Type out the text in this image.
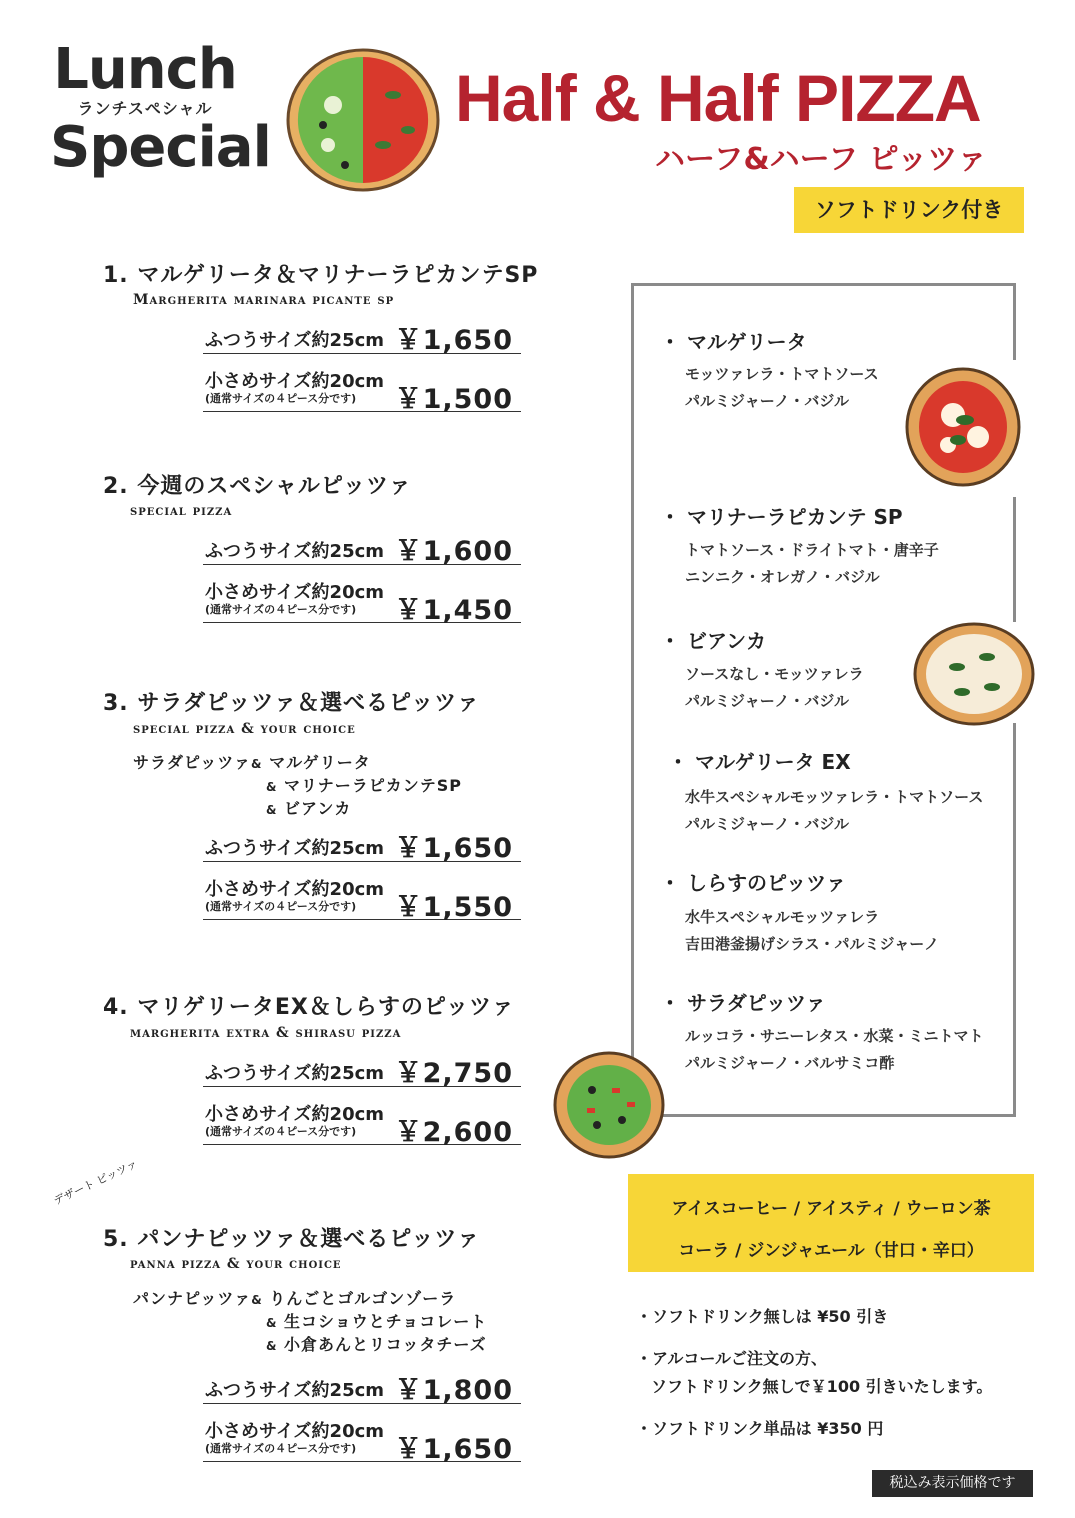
Lunch
ランチスペシャル
Special
Half & Half PIZZA
ハーフ&ハーフ ピッツァ
ソフトドリンク付き
1. マルゲリータ＆マリナーラピカンテSP
Margherita marinara picante sp
ふつうサイズ約25cm ￥1,650
小さめサイズ約20cm
(通常サイズの４ピース分です) ￥1,500
2. 今週のスペシャルピッツァ
special pizza
ふつうサイズ約25cm ￥1,600
小さめサイズ約20cm
(通常サイズの４ピース分です) ￥1,450
3. サラダピッツァ＆選べるピッツァ
special pizza & your choice
サラダピッツァ& マルゲリータ
& マリナーラピカンテSP
& ビアンカ
ふつうサイズ約25cm ￥1,650
小さめサイズ約20cm
(通常サイズの４ピース分です) ￥1,550
4. マリゲリータEX＆しらすのピッツァ
margherita extra & shirasu pizza
ふつうサイズ約25cm ￥2,750
小さめサイズ約20cm
(通常サイズの４ピース分です) ￥2,600
デザート ピッツァ
5. パンナピッツァ＆選べるピッツァ
panna pizza & your choice
パンナピッツァ& りんごとゴルゴンゾーラ
& 生コショウとチョコレート
& 小倉あんとリコッタチーズ
ふつうサイズ約25cm ￥1,800
小さめサイズ約20cm
(通常サイズの４ピース分です) ￥1,650
・ マルゲリータ
モッツァレラ・トマトソース
パルミジャーノ・バジル
・ マリナーラピカンテ SP
トマトソース・ドライトマト・唐辛子
ニンニク・オレガノ・バジル
・ ビアンカ
ソースなし・モッツァレラ
パルミジャーノ・バジル
・ マルゲリータ EX
水牛スペシャルモッツァレラ・トマトソース
パルミジャーノ・バジル
・ しらすのピッツァ
水牛スペシャルモッツァレラ
吉田港釜揚げシラス・パルミジャーノ
・ サラダピッツァ
ルッコラ・サニーレタス・水菜・ミニトマト
パルミジャーノ・バルサミコ酢
アイスコーヒー / アイスティ / ウーロン茶
コーラ / ジンジャエール（甘口・辛口）
・ソフトドリンク無しは ¥50 引き
・アルコールご注文の方、
ソフトドリンク無しで￥100 引きいたします。
・ソフトドリンク単品は ¥350 円
税込み表示価格です
